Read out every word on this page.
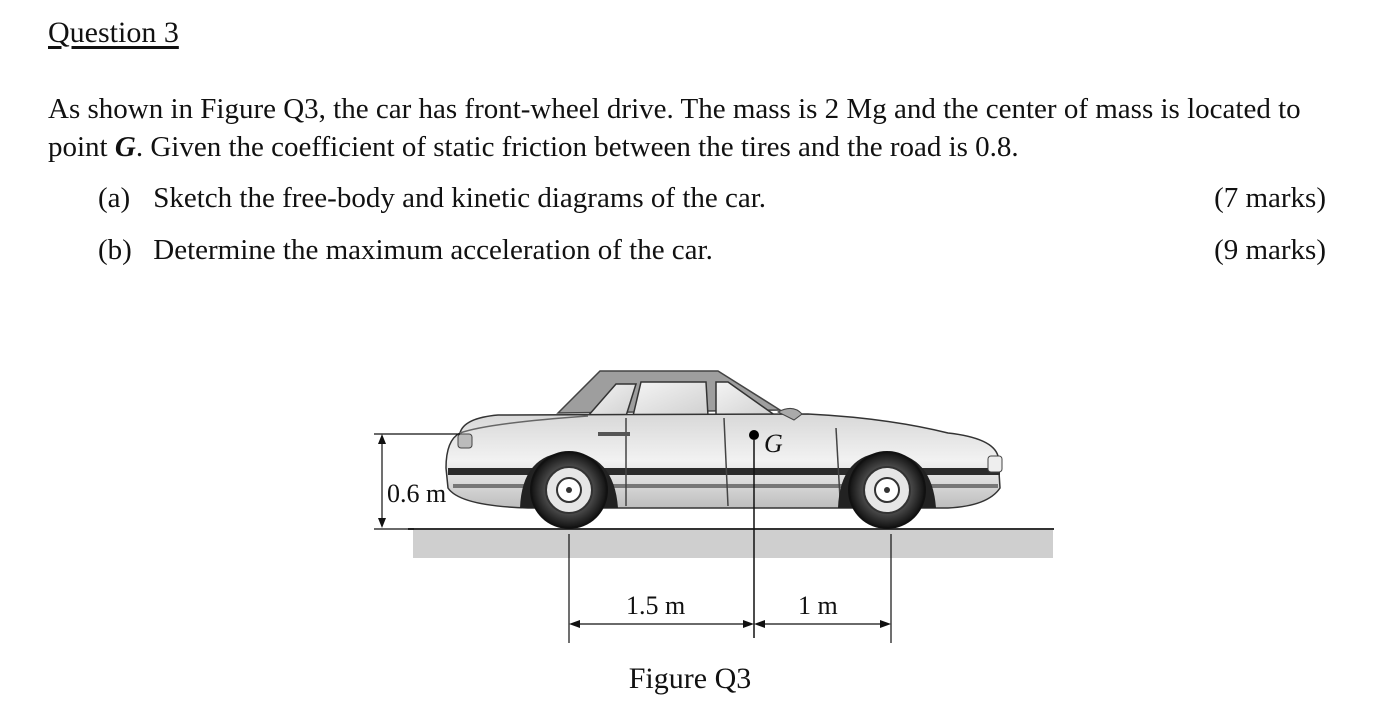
Question 3
As shown in Figure Q3, the car has front-wheel drive. The mass is 2 Mg and the center of mass is located to point G. Given the coefficient of static friction between the tires and the road is 0.8.
(a) Sketch the free-body and kinetic diagrams of the car.	(7 marks)
(b) Determine the maximum acceleration of the car.	(9 marks)
G
0.6 m
1.5 m	1 m
Figure Q3
